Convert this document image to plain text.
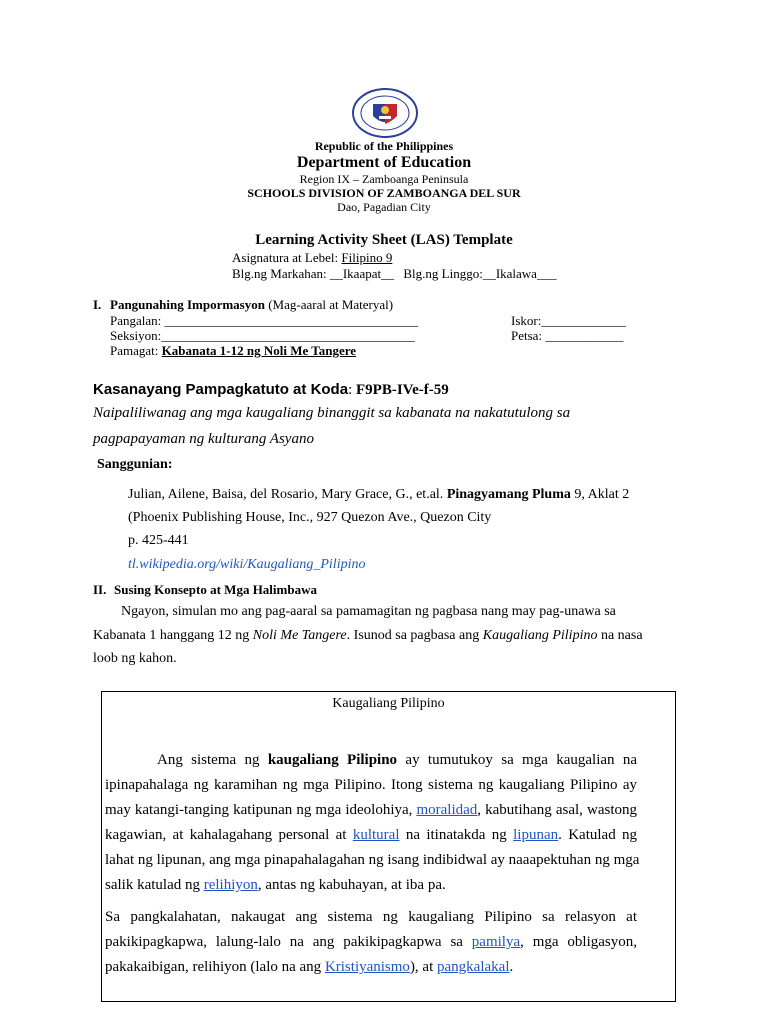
Republic of the Philippines
Department of Education
Region IX – Zamboanga Peninsula
SCHOOLS DIVISION OF ZAMBOANGA DEL SUR
Dao, Pagadian City
Learning Activity Sheet (LAS) Template
Asignatura at Lebel: Filipino 9
Blg.ng Markahan: __Ikaapat__ Blg.ng Linggo:__Ikalawa___
I. Pangunahing Impormasyon (Mag-aaral at Materyal)
Pangalan: _______________________________________	Iskor:_____________
Seksiyon:_______________________________________	Petsa: ____________
Pamagat: Kabanata 1-12 ng Noli Me Tangere
Kasanayang Pampagkatuto at Koda: F9PB-IVe-f-59
Naipaliliwanag ang mga kaugaliang binanggit sa kabanata na nakatutulong sa
pagpapayaman ng kulturang Asyano
Sanggunian:
Julian, Ailene, Baisa, del Rosario, Mary Grace, G., et.al. Pinagyamang Pluma 9, Aklat 2
(Phoenix Publishing House, Inc., 927 Quezon Ave., Quezon City
p. 425-441
tl.wikipedia.org/wiki/Kaugaliang_Pilipino
II. Susing Konsepto at Mga Halimbawa
Ngayon, simulan mo ang pag-aaral sa pamamagitan ng pagbasa nang may pag-unawa sa
Kabanata 1 hanggang 12 ng Noli Me Tangere. Isunod sa pagbasa ang Kaugaliang Pilipino na nasa
loob ng kahon.
Kaugaliang Pilipino
Ang sistema ng kaugaliang Pilipino ay tumutukoy sa mga kaugalian na
ipinapahalaga ng karamihan ng mga Pilipino. Itong sistema ng kaugaliang Pilipino ay
may katangi-tanging katipunan ng mga ideolohiya, moralidad, kabutihang asal, wastong
kagawian, at kahalagahang personal at kultural na itinatakda ng lipunan. Katulad ng
lahat ng lipunan, ang mga pinapahalagahan ng isang indibidwal ay naaapektuhan ng mga
salik katulad ng relihiyon, antas ng kabuhayan, at iba pa.
Sa pangkalahatan, nakaugat ang sistema ng kaugaliang Pilipino sa relasyon at
pakikipagkapwa, lalung-lalo na ang pakikipagkapwa sa pamilya, mga obligasyon,
pakakaibigan, relihiyon (lalo na ang Kristiyanismo), at pangkalakal.
